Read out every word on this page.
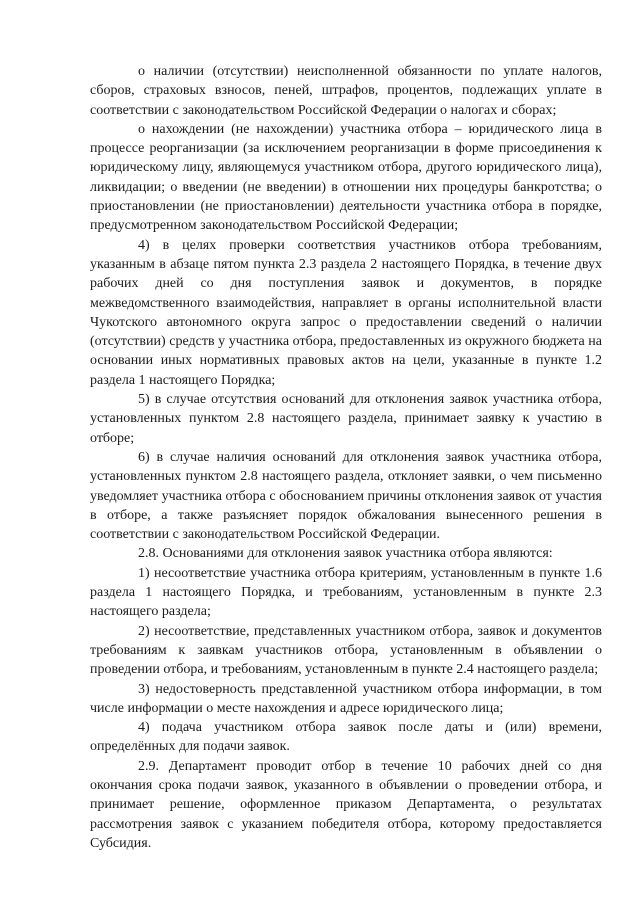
о наличии (отсутствии) неисполненной обязанности по уплате налогов, сборов, страховых взносов, пеней, штрафов, процентов, подлежащих уплате в соответствии с законодательством Российской Федерации о налогах и сборах;

о нахождении (не нахождении) участника отбора – юридического лица в процессе реорганизации (за исключением реорганизации в форме присоединения к юридическому лицу, являющемуся участником отбора, другого юридического лица), ликвидации; о введении (не введении) в отношении них процедуры банкротства; о приостановлении (не приостановлении) деятельности участника отбора в порядке, предусмотренном законодательством Российской Федерации;

4) в целях проверки соответствия участников отбора требованиям, указанным в абзаце пятом пункта 2.3 раздела 2 настоящего Порядка, в течение двух рабочих дней со дня поступления заявок и документов, в порядке межведомственного взаимодействия, направляет в органы исполнительной власти Чукотского автономного округа запрос о предоставлении сведений о наличии (отсутствии) средств у участника отбора, предоставленных из окружного бюджета на основании иных нормативных правовых актов на цели, указанные в пункте 1.2 раздела 1 настоящего Порядка;

5) в случае отсутствия оснований для отклонения заявок участника отбора, установленных пунктом 2.8 настоящего раздела, принимает заявку к участию в отборе;

6) в случае наличия оснований для отклонения заявок участника отбора, установленных пунктом 2.8 настоящего раздела, отклоняет заявки, о чем письменно уведомляет участника отбора с обоснованием причины отклонения заявок от участия в отборе, а также разъясняет порядок обжалования вынесенного решения в соответствии с законодательством Российской Федерации.

2.8. Основаниями для отклонения заявок участника отбора являются:

1) несоответствие участника отбора критериям, установленным в пункте 1.6 раздела 1 настоящего Порядка, и требованиям, установленным в пункте 2.3 настоящего раздела;

2) несоответствие, представленных участником отбора, заявок и документов требованиям к заявкам участников отбора, установленным в объявлении о проведении отбора, и требованиям, установленным в пункте 2.4 настоящего раздела;

3) недостоверность представленной участником отбора информации, в том числе информации о месте нахождения и адресе юридического лица;

4) подача участником отбора заявок после даты и (или) времени, определённых для подачи заявок.

2.9. Департамент проводит отбор в течение 10 рабочих дней со дня окончания срока подачи заявок, указанного в объявлении о проведении отбора, и принимает решение, оформленное приказом Департамента, о результатах рассмотрения заявок с указанием победителя отбора, которому предоставляется Субсидия.
